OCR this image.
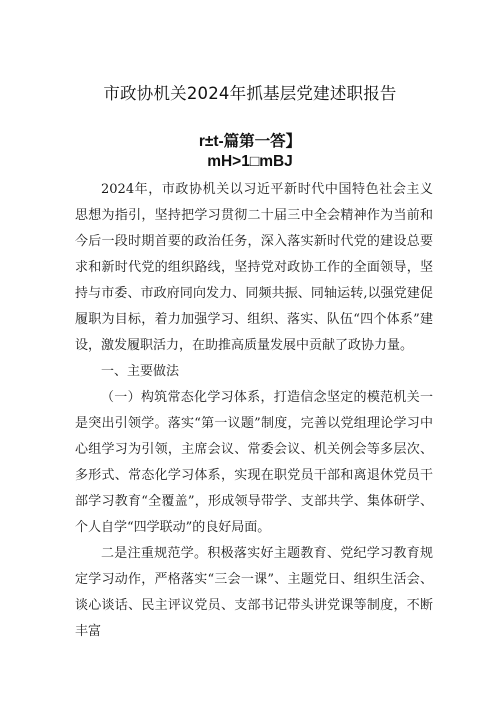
市政协机关2024年抓基层党建述职报告
r±t-篇第一答】
mH>1□mBJ

2024年，市政协机关以习近平新时代中国特色社会主义思想为指引，坚持把学习贯彻二十届三中全会精神作为当前和今后一段时期首要的政治任务，深入落实新时代党的建设总要求和新时代党的组织路线，坚持党对政协工作的全面领导，坚持与市委、市政府同向发力、同频共振、同轴运转,以强党建促履职为目标，着力加强学习、组织、落实、队伍“四个体系”建设，激发履职活力，在助推高质量发展中贡献了政协力量。

一、主要做法

（一）构筑常态化学习体系，打造信念坚定的模范机关一是突出引领学。落实“第一议题”制度，完善以党组理论学习中心组学习为引领，主席会议、常委会议、机关例会等多层次、多形式、常态化学习体系，实现在职党员干部和离退休党员干部学习教育“全覆盖”，形成领导带学、支部共学、集体研学、个人自学“四学联动”的良好局面。

二是注重规范学。积极落实好主题教育、党纪学习教育规定学习动作，严格落实“三会一课”、主题党日、组织生活会、谈心谈话、民主评议党员、支部书记带头讲党课等制度，不断丰富
